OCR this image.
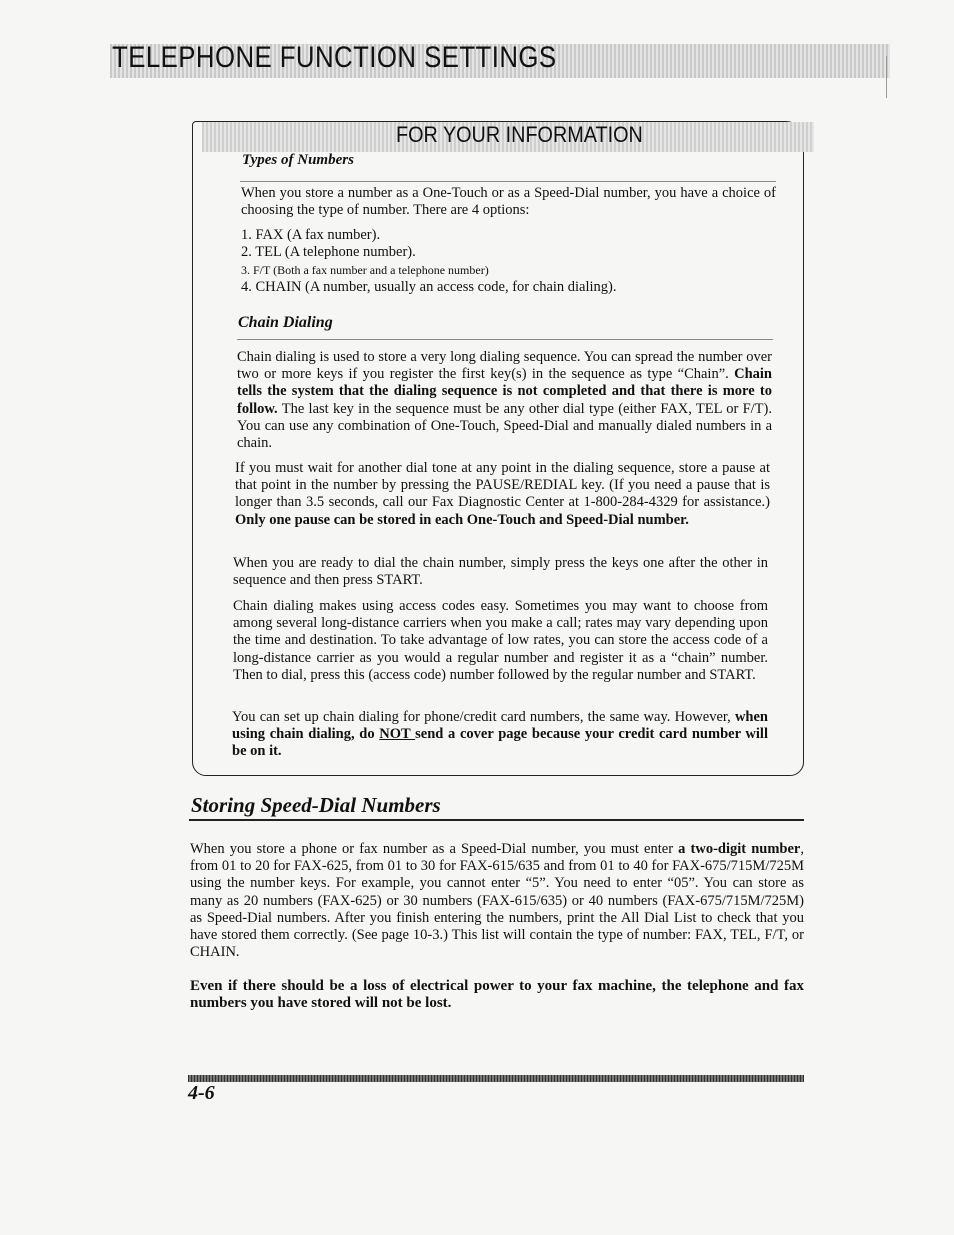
TELEPHONE FUNCTION SETTINGS
FOR YOUR INFORMATION
Types of Numbers

When you store a number as a One-Touch or as a Speed-Dial number, you have a choice of choosing the type of number. There are 4 options:

1. FAX (A fax number).
2. TEL (A telephone number).
3. F/T (Both a fax number and a telephone number)
4. CHAIN (A number, usually an access code, for chain dialing).
Chain Dialing

Chain dialing is used to store a very long dialing sequence. You can spread the number over two or more keys if you register the first key(s) in the sequence as type “Chain”. Chain tells the system that the dialing sequence is not completed and that there is more to follow. The last key in the sequence must be any other dial type (either FAX, TEL or F/T). You can use any combination of One-Touch, Speed-Dial and manually dialed numbers in a chain.

If you must wait for another dial tone at any point in the dialing sequence, store a pause at that point in the number by pressing the PAUSE/REDIAL key. (If you need a pause that is longer than 3.5 seconds, call our Fax Diagnostic Center at 1-800-284-4329 for assistance.) Only one pause can be stored in each One-Touch and Speed-Dial number.

When you are ready to dial the chain number, simply press the keys one after the other in sequence and then press START.

Chain dialing makes using access codes easy. Sometimes you may want to choose from among several long-distance carriers when you make a call; rates may vary depending upon the time and destination. To take advantage of low rates, you can store the access code of a long-distance carrier as you would a regular number and register it as a “chain” number. Then to dial, press this (access code) number followed by the regular number and START.

You can set up chain dialing for phone/credit card numbers, the same way. However, when using chain dialing, do NOT send a cover page because your credit card number will be on it.

Storing Speed-Dial Numbers

When you store a phone or fax number as a Speed-Dial number, you must enter a two-digit number, from 01 to 20 for FAX-625, from 01 to 30 for FAX-615/635 and from 01 to 40 for FAX-675/715M/725M using the number keys. For example, you cannot enter “5”. You need to enter “05”. You can store as many as 20 numbers (FAX-625) or 30 numbers (FAX-615/635) or 40 numbers (FAX-675/715M/725M) as Speed-Dial numbers. After you finish entering the numbers, print the All Dial List to check that you have stored them correctly. (See page 10-3.) This list will contain the type of number: FAX, TEL, F/T, or CHAIN.

Even if there should be a loss of electrical power to your fax machine, the telephone and fax numbers you have stored will not be lost.

4-6
